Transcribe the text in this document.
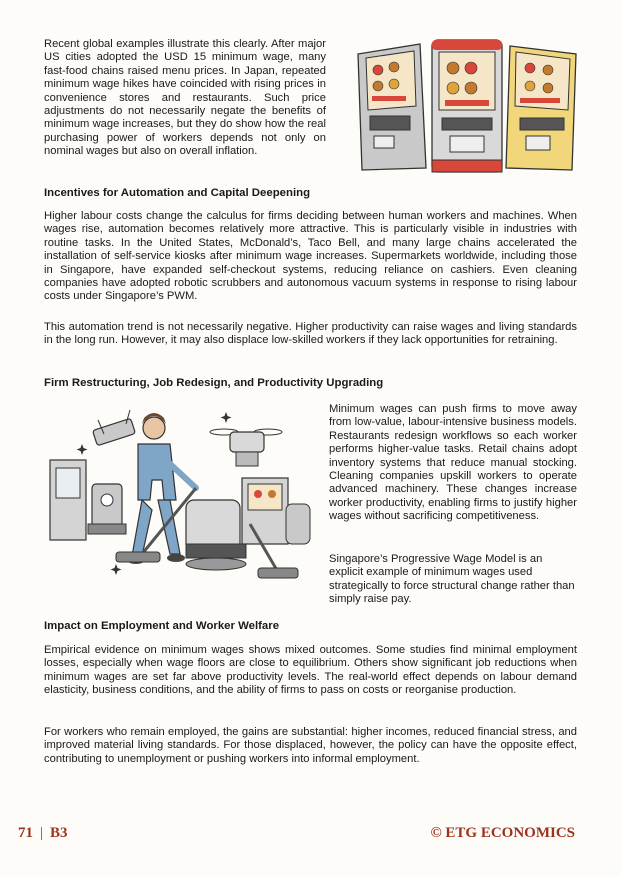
Recent global examples illustrate this clearly. After major US cities adopted the USD 15 minimum wage, many fast-food chains raised menu prices. In Japan, repeated minimum wage hikes have coincided with rising prices in convenience stores and restaurants. Such price adjustments do not necessarily negate the benefits of minimum wage increases, but they do show how the real purchasing power of workers depends not only on nominal wages but also on overall inflation.

Incentives for Automation and Capital Deepening

Higher labour costs change the calculus for firms deciding between human workers and machines. When wages rise, automation becomes relatively more attractive. This is particularly visible in industries with routine tasks. In the United States, McDonald’s, Taco Bell, and many large chains accelerated the installation of self-service kiosks after minimum wage increases. Supermarkets worldwide, including those in Singapore, have expanded self-checkout systems, reducing reliance on cashiers. Even cleaning companies have adopted robotic scrubbers and autonomous vacuum systems in response to rising labour costs under Singapore’s PWM.

This automation trend is not necessarily negative. Higher productivity can raise wages and living standards in the long run. However, it may also displace low-skilled workers if they lack opportunities for retraining.

Firm Restructuring, Job Redesign, and Productivity Upgrading

Minimum wages can push firms to move away from low-value, labour-intensive business models. Restaurants redesign workflows so each worker performs higher-value tasks. Retail chains adopt inventory systems that reduce manual stocking. Cleaning companies upskill workers to operate advanced machinery. These changes increase worker productivity, enabling firms to justify higher wages without sacrificing competitiveness.

Singapore’s Progressive Wage Model is an explicit example of minimum wages used strategically to force structural change rather than simply raise pay.

Impact on Employment and Worker Welfare

Empirical evidence on minimum wages shows mixed outcomes. Some studies find minimal employment losses, especially when wage floors are close to equilibrium. Others show significant job reductions when minimum wages are set far above productivity levels. The real-world effect depends on labour demand elasticity, business conditions, and the ability of firms to pass on costs or reorganise production.

For workers who remain employed, the gains are substantial: higher incomes, reduced financial stress, and improved material living standards. For those displaced, however, the policy can have the opposite effect, contributing to unemployment or pushing workers into informal employment.

71 | B3	© ETG ECONOMICS
